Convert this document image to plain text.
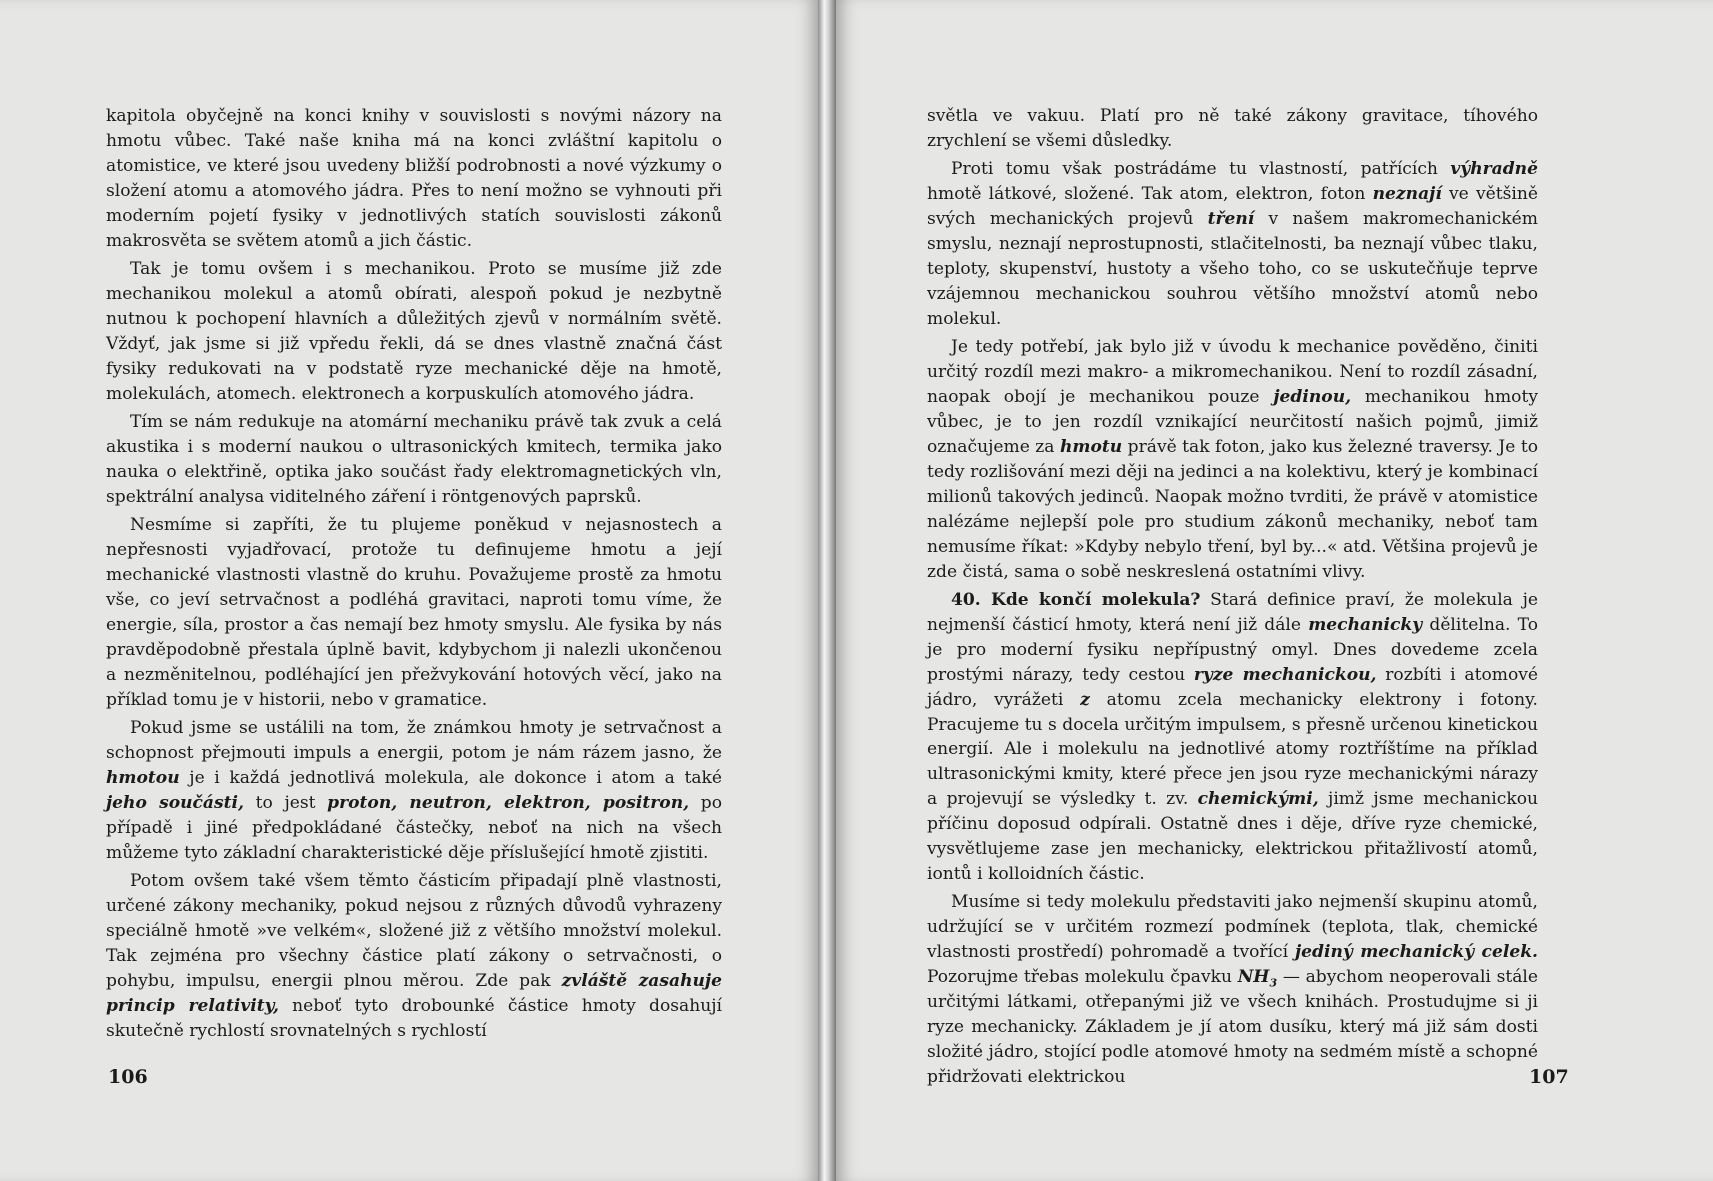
kapitola obyčejně na konci knihy v souvislosti s novými názory na hmotu vůbec. Také naše kniha má na konci zvláštní kapitolu o atomistice, ve které jsou uvedeny bližší podrobnosti a nové výzkumy o složení atomu a atomového jádra. Přes to není možno se vyhnouti při moderním pojetí fysiky v jednotlivých statích souvislosti zákonů makrosvěta se světem atomů a jich částic.

Tak je tomu ovšem i s mechanikou. Proto se musíme již zde mechanikou molekul a atomů obírati, alespoň pokud je nezbytně nutnou k pochopení hlavních a důležitých zjevů v normálním světě. Vždyť, jak jsme si již vpředu řekli, dá se dnes vlastně značná část fysiky redukovati na v podstatě ryze mechanické děje na hmotě, molekulách, atomech. elektronech a korpuskulích atomového jádra.

Tím se nám redukuje na atomární mechaniku právě tak zvuk a celá akustika i s moderní naukou o ultrasonických kmitech, termika jako nauka o elektřině, optika jako součást řady elektromagnetických vln, spektrální analysa viditelného záření i röntgenových paprsků.

Nesmíme si zapříti, že tu plujeme poněkud v nejasnostech a nepřesnosti vyjadřovací, protože tu definujeme hmotu a její mechanické vlastnosti vlastně do kruhu. Považujeme prostě za hmotu vše, co jeví setrvačnost a podléhá gravitaci, naproti tomu víme, že energie, síla, prostor a čas nemají bez hmoty smyslu. Ale fysika by nás pravděpodobně přestala úplně bavit, kdybychom ji nalezli ukončenou a nezměnitelnou, podléhající jen přežvykování hotových věcí, jako na příklad tomu je v historii, nebo v gramatice.

Pokud jsme se ustálili na tom, že známkou hmoty je setrvačnost a schopnost přejmouti impuls a energii, potom je nám rázem jasno, že hmotou je i každá jednotlivá molekula, ale dokonce i atom a také jeho součásti, to jest proton, neutron, elektron, positron, po případě i jiné předpokládané částečky, neboť na nich na všech můžeme tyto základní charakteristické děje příslušející hmotě zjistiti.

Potom ovšem také všem těmto částicím připadají plně vlastnosti, určené zákony mechaniky, pokud nejsou z různých důvodů vyhrazeny speciálně hmotě »ve velkém«, složené již z většího množství molekul. Tak zejména pro všechny částice platí zákony o setrvačnosti, o pohybu, impulsu, energii plnou měrou. Zde pak zvláště zasahuje princip relativity, neboť tyto drobounké částice hmoty dosahují skutečně rychlostí srovnatelných s rychlostí

106

světla ve vakuu. Platí pro ně také zákony gravitace, tíhového zrychlení se všemi důsledky.

Proti tomu však postrádáme tu vlastností, patřících výhradně hmotě látkové, složené. Tak atom, elektron, foton neznají ve většině svých mechanických projevů tření v našem makromechanickém smyslu, neznají neprostupnosti, stlačitelnosti, ba neznají vůbec tlaku, teploty, skupenství, hustoty a všeho toho, co se uskutečňuje teprve vzájemnou mechanickou souhrou většího množství atomů nebo molekul.

Je tedy potřebí, jak bylo již v úvodu k mechanice pověděno, činiti určitý rozdíl mezi makro- a mikromechanikou. Není to rozdíl zásadní, naopak obojí je mechanikou pouze jedinou, mechanikou hmoty vůbec, je to jen rozdíl vznikající neurčitostí našich pojmů, jimiž označujeme za hmotu právě tak foton, jako kus železné traversy. Je to tedy rozlišování mezi ději na jedinci a na kolektivu, který je kombinací milionů takových jedinců. Naopak možno tvrditi, že právě v atomistice nalézáme nejlepší pole pro studium zákonů mechaniky, neboť tam nemusíme říkat: »Kdyby nebylo tření, byl by...« atd. Většina projevů je zde čistá, sama o sobě neskreslená ostatními vlivy.

40. Kde končí molekula? Stará definice praví, že molekula je nejmenší částicí hmoty, která není již dále mechanicky dělitelna. To je pro moderní fysiku nepřípustný omyl. Dnes dovedeme zcela prostými nárazy, tedy cestou ryze mechanickou, rozbíti i atomové jádro, vyrážeti z atomu zcela mechanicky elektrony i fotony. Pracujeme tu s docela určitým impulsem, s přesně určenou kinetickou energií. Ale i molekulu na jednotlivé atomy roztříštíme na příklad ultrasonickými kmity, které přece jen jsou ryze mechanickými nárazy a projevují se výsledky t. zv. chemickými, jimž jsme mechanickou příčinu doposud odpírali. Ostatně dnes i děje, dříve ryze chemické, vysvětlujeme zase jen mechanicky, elektrickou přitažlivostí atomů, iontů i kolloidních částic.

Musíme si tedy molekulu představiti jako nejmenší skupinu atomů, udržující se v určitém rozmezí podmínek (teplota, tlak, chemické vlastnosti prostředí) pohromadě a tvořící jediný mechanický celek. Pozorujme třebas molekulu čpavku $NH_3$ — abychom neoperovali stále určitými látkami, otřepanými již ve všech knihách. Prostudujme si ji ryze mechanicky. Základem je jí atom dusíku, který má již sám dosti složité jádro, stojící podle atomové hmoty na sedmém místě a schopné přidržovati elektrickou	107
